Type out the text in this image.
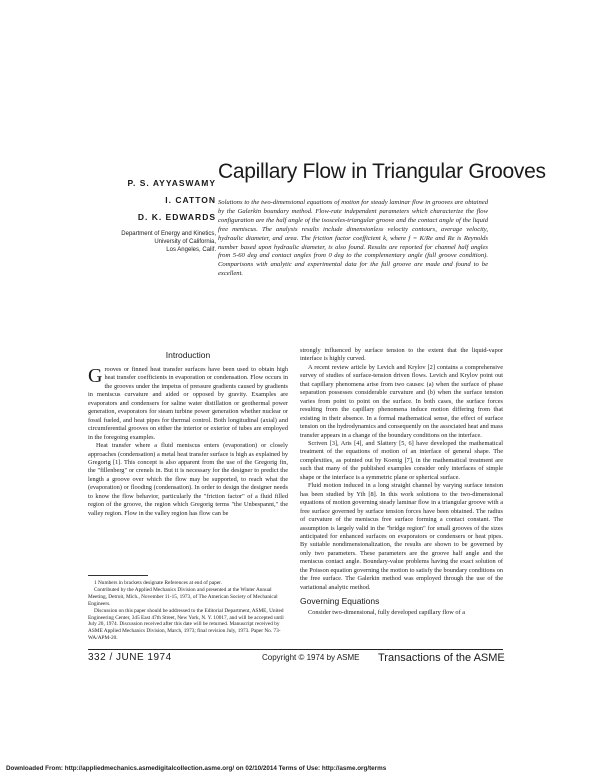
P. S. AYYASWAMY
I. CATTON
D. K. EDWARDS
Department of Energy and Kinetics,
University of California,
Los Angeles, Calif.
Capillary Flow in Triangular Grooves
Solutions to the two-dimensional equations of motion for steady laminar flow in grooves are obtained by the Galerkin boundary method. Flow-rate independent parameters which characterize the flow configuration are the half angle of the isosceles-triangular groove and the contact angle of the liquid free meniscus. The analysis results include dimensionless velocity contours, average velocity, hydraulic diameter, and area. The friction factor coefficient k, where f = K/Re and Re is Reynolds number based upon hydraulic diameter, is also found. Results are reported for channel half angles from 5-60 deg and contact angles from 0 deg to the complementary angle (full groove condition). Comparisons with analytic and experimental data for the full groove are made and found to be excellent.
Introduction

Grooves or finned heat transfer surfaces have been used to obtain high heat transfer coefficients in evaporation or condensation. Flow occurs in the grooves under the impetus of pressure gradients caused by gradients in meniscus curvature and aided or opposed by gravity. Examples are evaporators and condensers for saline water distillation or geothermal power generation, evaporators for steam turbine power generation whether nuclear or fossil fueled, and heat pipes for thermal control. Both longitudinal (axial) and circumferential grooves on either the interior or exterior of tubes are employed in the foregoing examples.

Heat transfer where a fluid meniscus enters (evaporation) or closely approaches (condensation) a metal heat transfer surface is high as explained by Gregorig [1]. This concept is also apparent from the use of the Gregorig fin, the "fillenberg" or crenels in. But it is necessary for the designer to predict the length a groove over which the flow may be supported, to reach what the (evaporation) or flooding (condensation). In order to design the designer needs to know the flow behavior, particularly the "friction factor" of a fluid filled region of the groove, the region which Gregorig terms "the Unbespannt," the valley region. Flow in the valley region has flow can be

1 Numbers in brackets designate References at end of paper.

Contributed by the Applied Mechanics Division and presented at the Winter Annual Meeting, Detroit, Mich., November 11-15, 1973, of The American Society of Mechanical Engineers.

Discussion on this paper should be addressed to the Editorial Department, ASME, United Engineering Center, 345 East 47th Street, New York, N. Y. 10017, and will be accepted until July 20, 1974. Discussion received after this date will be returned. Manuscript received by ASME Applied Mechanics Division, March, 1973; final revision July, 1973. Paper No. 73-WA/APM-20.

strongly influenced by surface tension to the extent that the liquid-vapor interface is highly curved.

A recent review article by Levich and Krylov [2] contains a comprehensive survey of studies of surface-tension driven flows. Levich and Krylov point out that capillary phenomena arise from two causes: (a) when the surface of phase separation possesses considerable curvature and (b) when the surface tension varies from point to point on the surface. In both cases, the surface forces resulting from the capillary phenomena induce motion differing from that existing in their absence. In a formal mathematical sense, the effect of surface tension on the hydrodynamics and consequently on the associated heat and mass transfer appears in a change of the boundary conditions on the interface.

Scriven [3], Aris [4], and Slattery [5, 6] have developed the mathematical treatment of the equations of motion of an interface of general shape. The complexities, as pointed out by Koenig [7], in the mathematical treatment are such that many of the published examples consider only interfaces of simple shape or the interface is a symmetric plane or spherical surface.

Fluid motion induced in a long straight channel by varying surface tension has been studied by Yih [8]. In this work solutions to the two-dimensional equations of motion governing steady laminar flow in a triangular groove with a free surface governed by surface tension forces have been obtained. The radius of curvature of the meniscus free surface forming a contact constant. The assumption is largely valid in the "bridge region" for small grooves of the sizes anticipated for enhanced surfaces on evaporators or condensers or heat pipes. By suitable nondimensionalization, the results are shown to be governed by only two parameters. These parameters are the groove half angle and the meniscus contact angle. Boundary-value problems having the exact solution of the Poisson equation governing the motion to satisfy the boundary conditions on the free surface. The Galerkin method was employed through the use of the variational analytic method.

Governing Equations

Consider two-dimensional, fully developed capillary flow of a

332 / JUNE 1974	Copyright © 1974 by ASME Transactions of the ASME
Downloaded From: http://appliedmechanics.asmedigitalcollection.asme.org/ on 02/10/2014 Terms of Use: http://asme.org/terms
